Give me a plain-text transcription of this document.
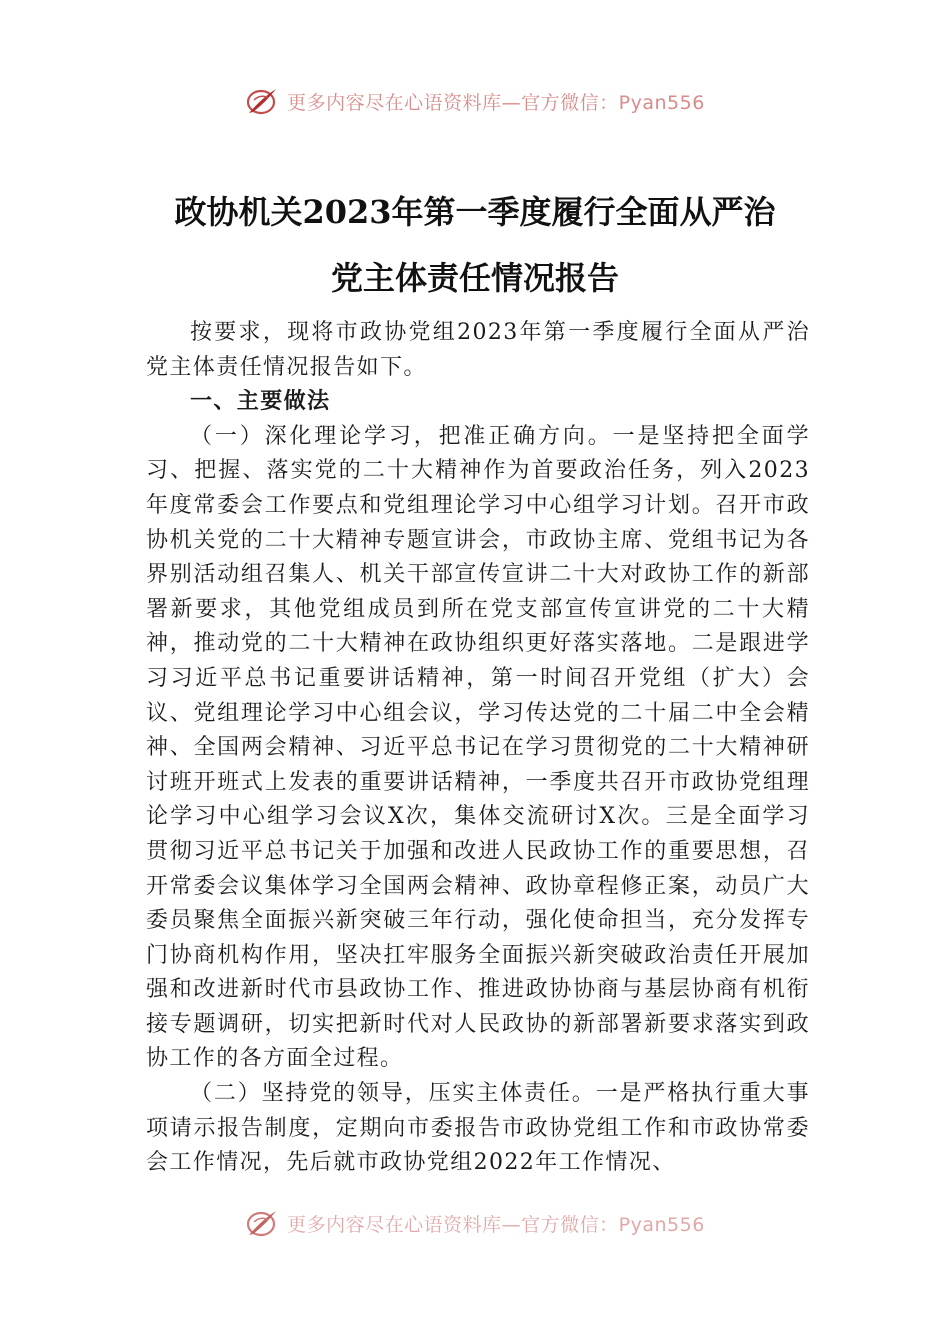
更多内容尽在心语资料库—官方微信：Pyan556
政协机关2023年第一季度履行全面从严治
党主体责任情况报告

按要求，现将市政协党组2023年第一季度履行全面从严治党主体责任情况报告如下。

一、主要做法

（一）深化理论学习，把准正确方向。一是坚持把全面学习、把握、落实党的二十大精神作为首要政治任务，列入2023年度常委会工作要点和党组理论学习中心组学习计划。召开市政协机关党的二十大精神专题宣讲会，市政协主席、党组书记为各界别活动组召集人、机关干部宣传宣讲二十大对政协工作的新部署新要求，其他党组成员到所在党支部宣传宣讲党的二十大精神，推动党的二十大精神在政协组织更好落实落地。二是跟进学习习近平总书记重要讲话精神，第一时间召开党组（扩大）会议、党组理论学习中心组会议，学习传达党的二十届二中全会精神、全国两会精神、习近平总书记在学习贯彻党的二十大精神研讨班开班式上发表的重要讲话精神，一季度共召开市政协党组理论学习中心组学习会议X次，集体交流研讨X次。三是全面学习贯彻习近平总书记关于加强和改进人民政协工作的重要思想，召开常委会议集体学习全国两会精神、政协章程修正案，动员广大委员聚焦全面振兴新突破三年行动，强化使命担当，充分发挥专门协商机构作用，坚决扛牢服务全面振兴新突破政治责任开展加强和改进新时代市县政协工作、推进政协协商与基层协商有机衔接专题调研，切实把新时代对人民政协的新部署新要求落实到政协工作的各方面全过程。

（二）坚持党的领导，压实主体责任。一是严格执行重大事项请示报告制度，定期向市委报告市政协党组工作和市政协常委会工作情况，先后就市政协党组2022年工作情况、

更多内容尽在心语资料库—官方微信：Pyan556
